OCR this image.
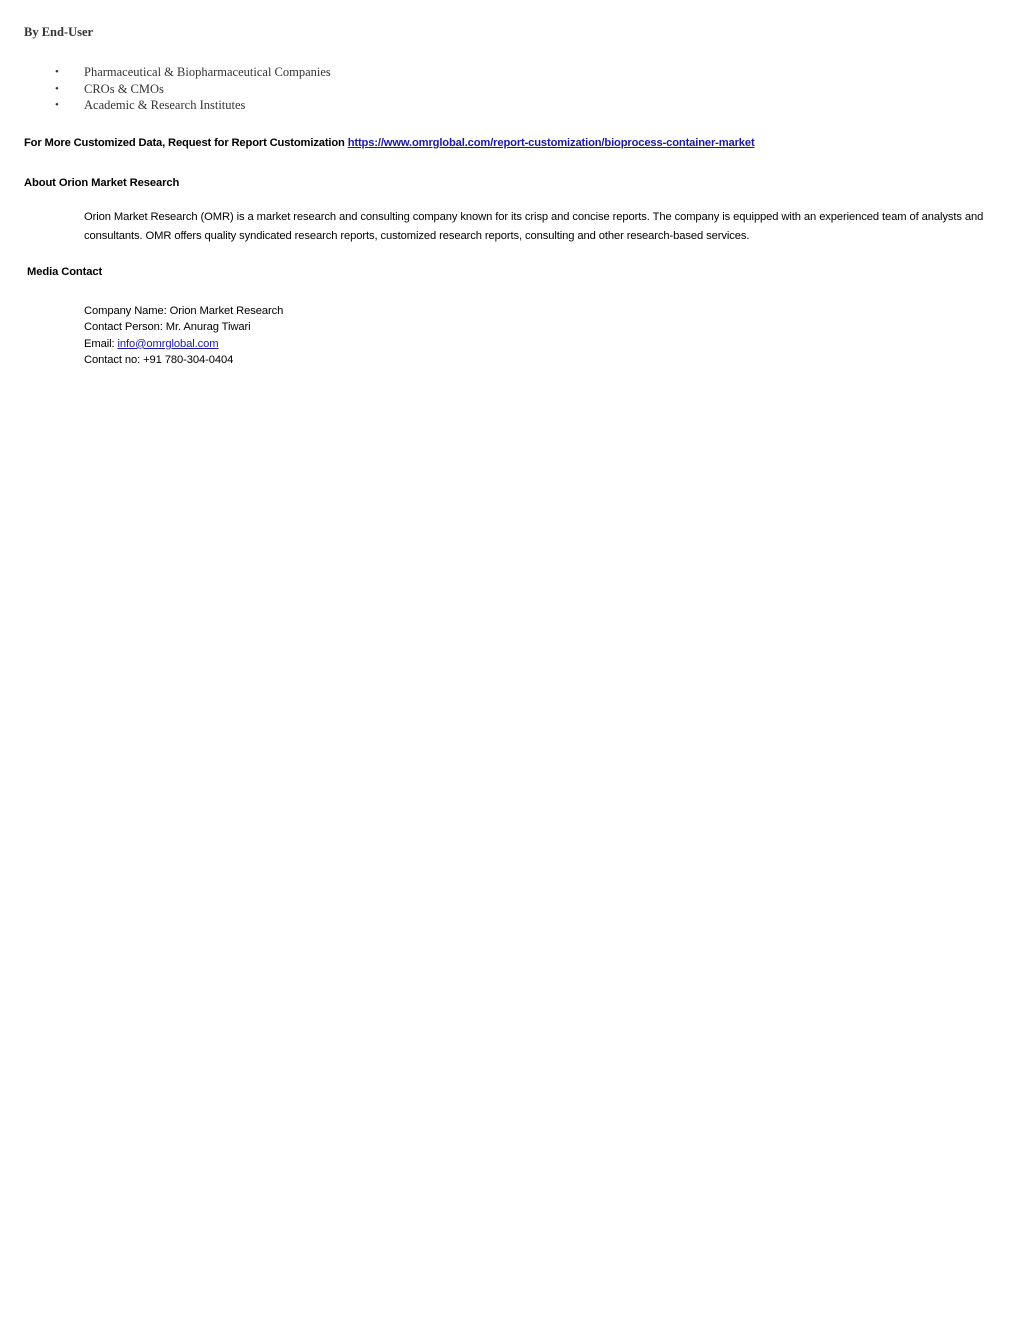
By End-User
• Pharmaceutical & Biopharmaceutical Companies
• CROs & CMOs
• Academic & Research Institutes
For More Customized Data, Request for Report Customization https://www.omrglobal.com/report-customization/bioprocess-container-market
About Orion Market Research
Orion Market Research (OMR) is a market research and consulting company known for its crisp and concise reports. The company is equipped with an experienced team of analysts and consultants. OMR offers quality syndicated research reports, customized research reports, consulting and other research-based services.
Media Contact
Company Name: Orion Market Research
Contact Person: Mr. Anurag Tiwari
Email: info@omrglobal.com
Contact no: +91 780-304-0404
